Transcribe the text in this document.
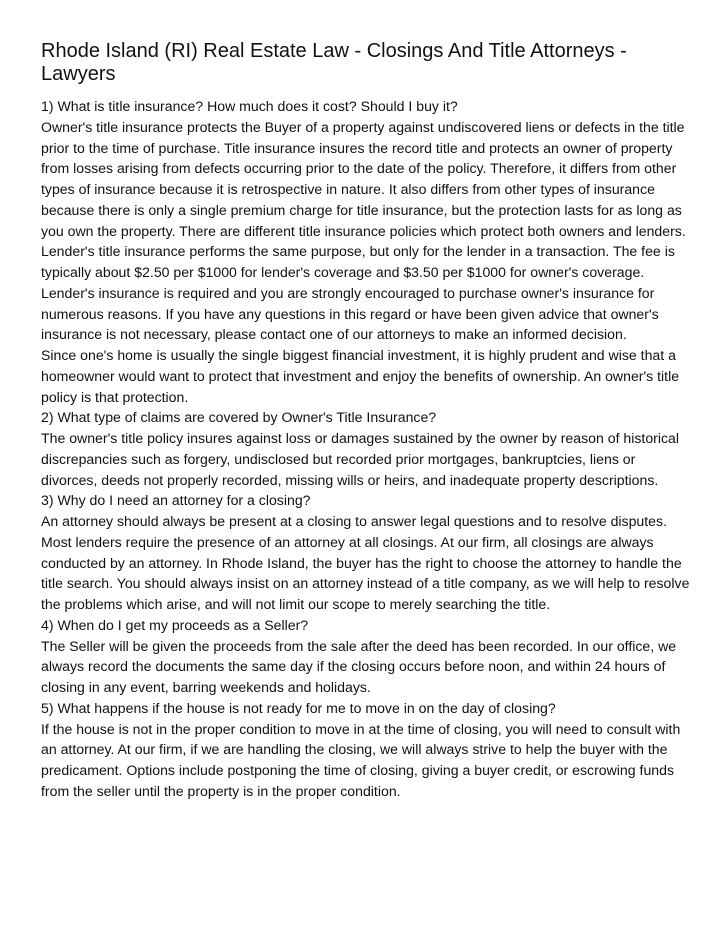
Rhode Island (RI) Real Estate Law - Closings And Title Attorneys - Lawyers

1) What is title insurance? How much does it cost? Should I buy it?

Owner's title insurance protects the Buyer of a property against undiscovered liens or defects in the title prior to the time of purchase. Title insurance insures the record title and protects an owner of property from losses arising from defects occurring prior to the date of the policy. Therefore, it differs from other types of insurance because it is retrospective in nature. It also differs from other types of insurance because there is only a single premium charge for title insurance, but the protection lasts for as long as you own the property. There are different title insurance policies which protect both owners and lenders. Lender's title insurance performs the same purpose, but only for the lender in a transaction. The fee is typically about $2.50 per $1000 for lender's coverage and $3.50 per $1000 for owner's coverage. Lender's insurance is required and you are strongly encouraged to purchase owner's insurance for numerous reasons. If you have any questions in this regard or have been given advice that owner's insurance is not necessary, please contact one of our attorneys to make an informed decision.

Since one's home is usually the single biggest financial investment, it is highly prudent and wise that a homeowner would want to protect that investment and enjoy the benefits of ownership. An owner's title policy is that protection.

2) What type of claims are covered by Owner's Title Insurance?

The owner's title policy insures against loss or damages sustained by the owner by reason of historical discrepancies such as forgery, undisclosed but recorded prior mortgages, bankruptcies, liens or divorces, deeds not properly recorded, missing wills or heirs, and inadequate property descriptions.

3) Why do I need an attorney for a closing?

An attorney should always be present at a closing to answer legal questions and to resolve disputes. Most lenders require the presence of an attorney at all closings. At our firm, all closings are always conducted by an attorney. In Rhode Island, the buyer has the right to choose the attorney to handle the title search. You should always insist on an attorney instead of a title company, as we will help to resolve the problems which arise, and will not limit our scope to merely searching the title.

4) When do I get my proceeds as a Seller?

The Seller will be given the proceeds from the sale after the deed has been recorded. In our office, we always record the documents the same day if the closing occurs before noon, and within 24 hours of closing in any event, barring weekends and holidays.

5) What happens if the house is not ready for me to move in on the day of closing?

If the house is not in the proper condition to move in at the time of closing, you will need to consult with an attorney. At our firm, if we are handling the closing, we will always strive to help the buyer with the predicament. Options include postponing the time of closing, giving a buyer credit, or escrowing funds from the seller until the property is in the proper condition.
